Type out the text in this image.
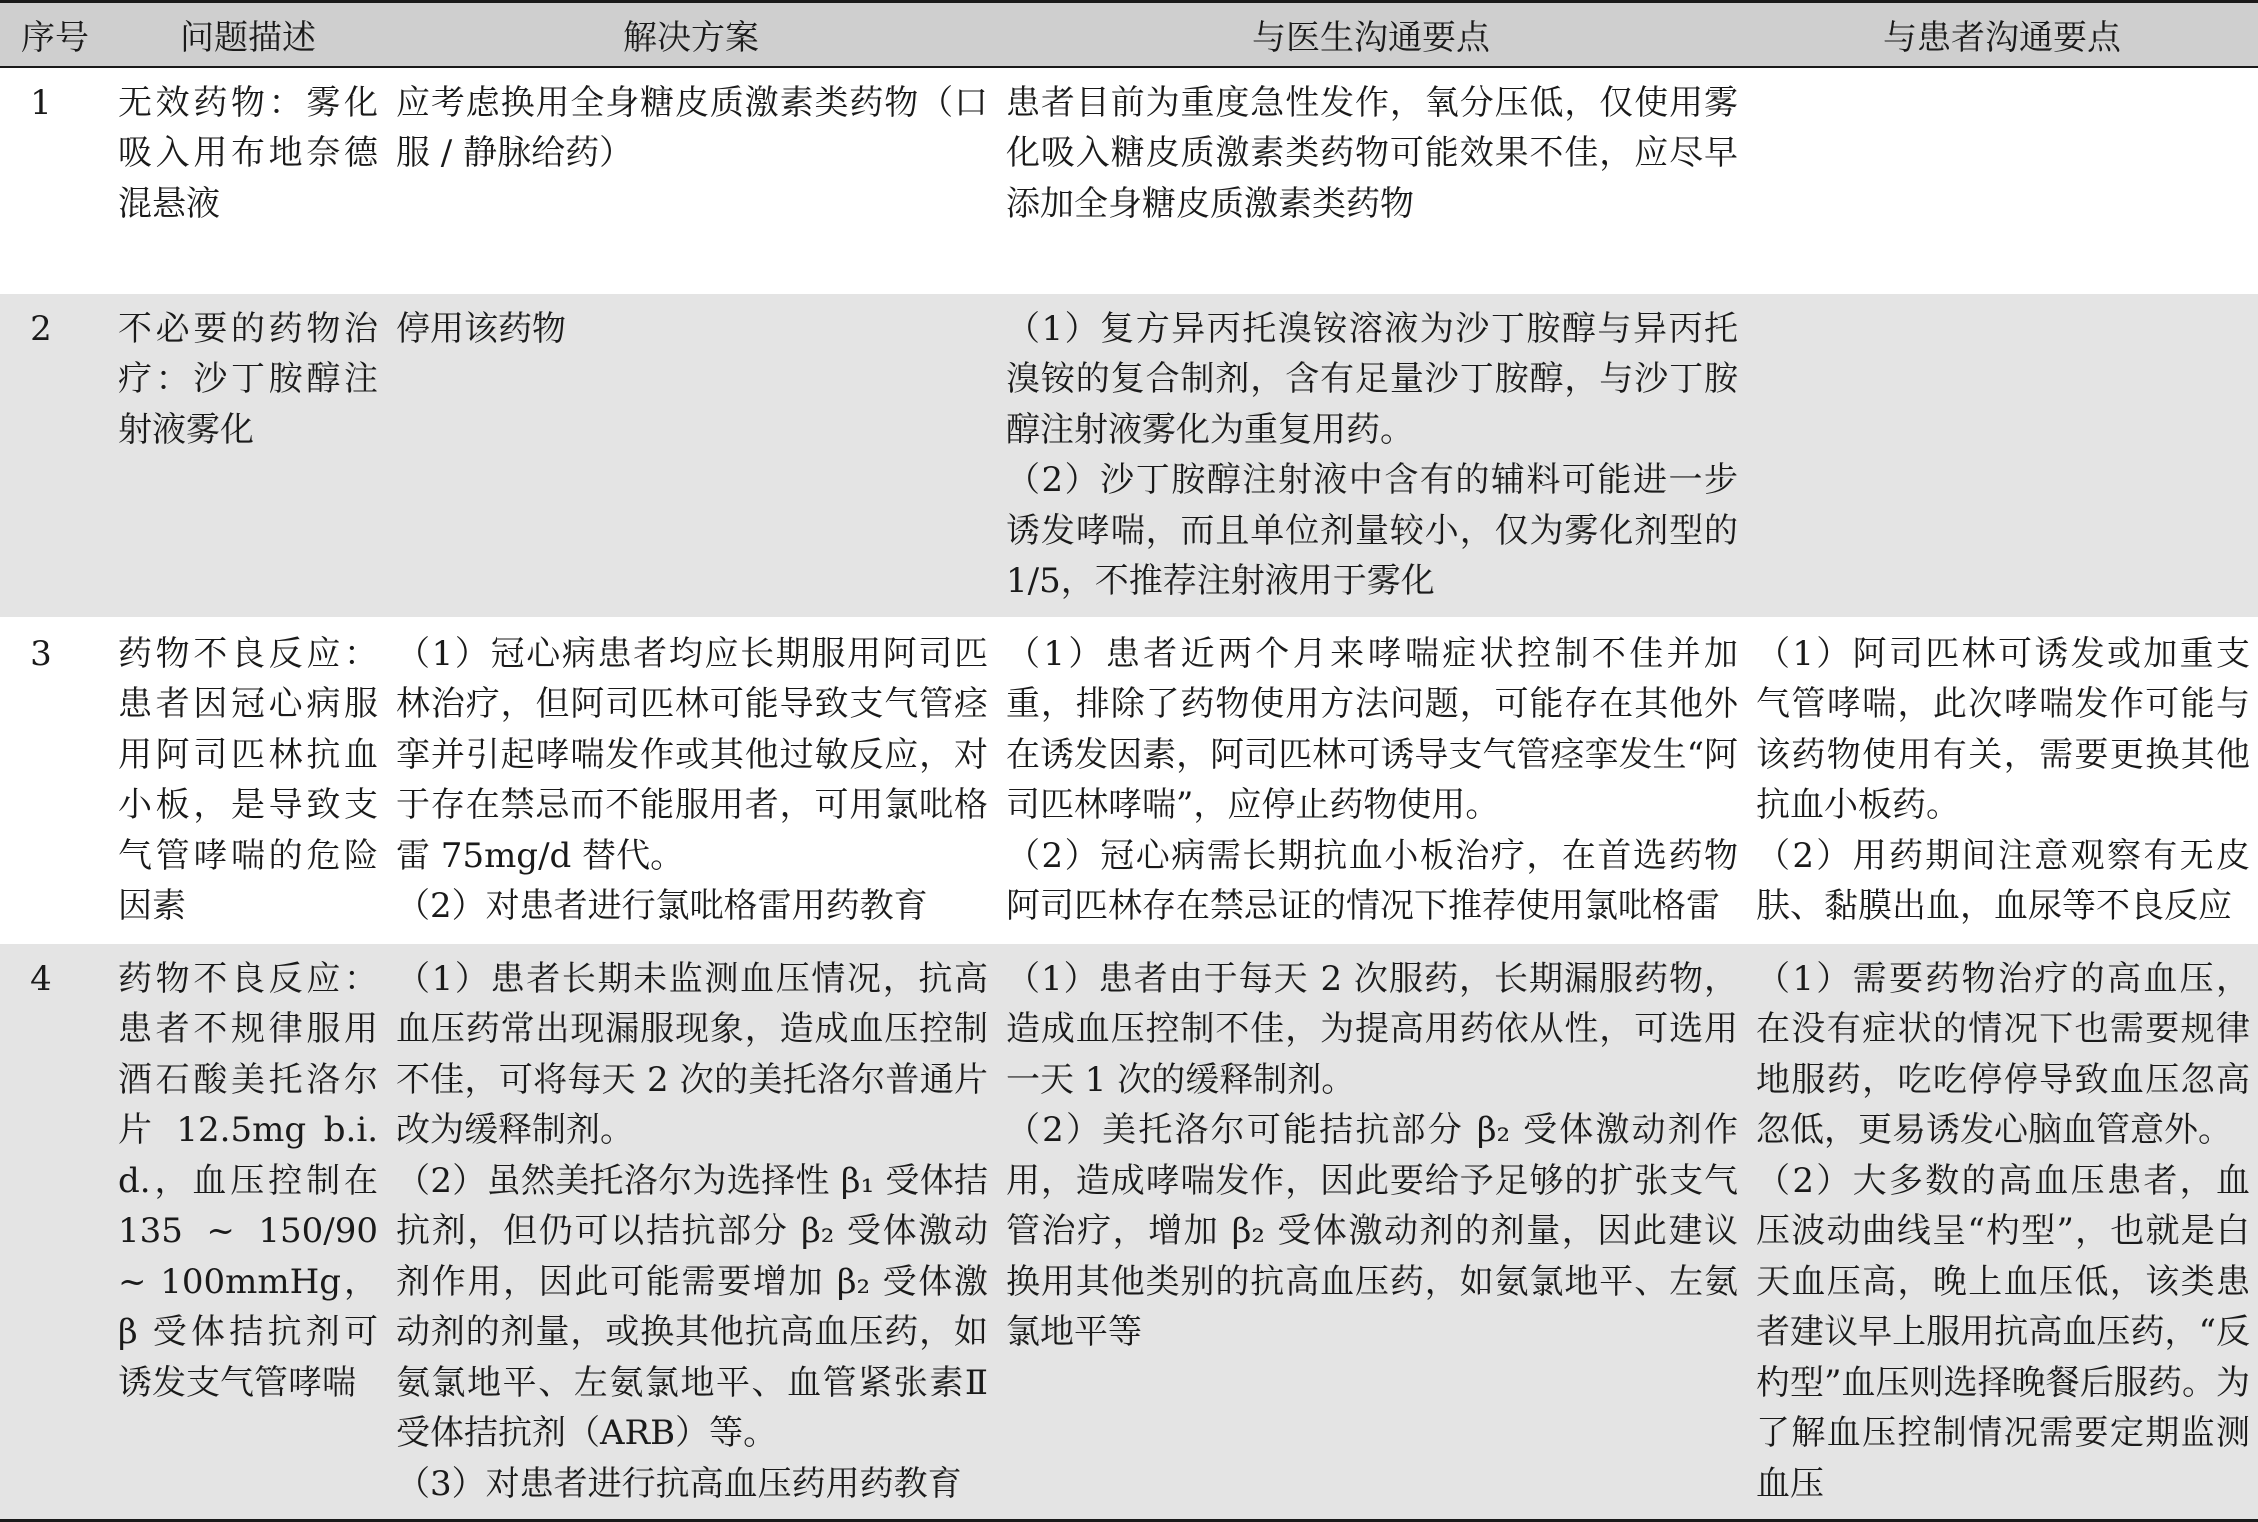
序号	问题描述	解决方案	与医生沟通要点	与患者沟通要点
1	无效药物：雾化吸入用布地奈德混悬液	应考虑换用全身糖皮质激素类药物（口服 / 静脉给药）	患者目前为重度急性发作，氧分压低，仅使用雾化吸入糖皮质激素类药物可能效果不佳，应尽早添加全身糖皮质激素类药物	

2	不必要的药物治疗：沙丁胺醇注射液雾化	停用该药物	（1）复方异丙托溴铵溶液为沙丁胺醇与异丙托溴铵的复合制剂，含有足量沙丁胺醇，与沙丁胺醇注射液雾化为重复用药。
（2）沙丁胺醇注射液中含有的辅料可能进一步诱发哮喘，而且单位剂量较小，仅为雾化剂型的 1/5，不推荐注射液用于雾化	

3	药物不良反应：患者因冠心病服用阿司匹林抗血小板，是导致支气管哮喘的危险因素	（1）冠心病患者均应长期服用阿司匹林治疗，但阿司匹林可能导致支气管痉挛并引起哮喘发作或其他过敏反应，对于存在禁忌而不能服用者，可用氯吡格雷 75mg/d 替代。
（2）对患者进行氯吡格雷用药教育	（1）患者近两个月来哮喘症状控制不佳并加重，排除了药物使用方法问题，可能存在其他外在诱发因素，阿司匹林可诱导支气管痉挛发生“阿司匹林哮喘”，应停止药物使用。
（2）冠心病需长期抗血小板治疗，在首选药物阿司匹林存在禁忌证的情况下推荐使用氯吡格雷	（1）阿司匹林可诱发或加重支气管哮喘，此次哮喘发作可能与该药物使用有关，需要更换其他抗血小板药。
（2）用药期间注意观察有无皮肤、黏膜出血，血尿等不良反应

4	药物不良反应：患者不规律服用酒石酸美托洛尔片 12.5mg b.i.d.，血压控制在 135 ~ 150/90 ~ 100mmHg，β 受体拮抗剂可诱发支气管哮喘	（1）患者长期未监测血压情况，抗高血压药常出现漏服现象，造成血压控制不佳，可将每天 2 次的美托洛尔普通片改为缓释制剂。
（2）虽然美托洛尔为选择性 β₁ 受体拮抗剂，但仍可以拮抗部分 β₂ 受体激动剂作用，因此可能需要增加 β₂ 受体激动剂的剂量，或换其他抗高血压药，如氨氯地平、左氨氯地平、血管紧张素Ⅱ受体拮抗剂（ARB）等。
（3）对患者进行抗高血压药用药教育	（1）患者由于每天 2 次服药，长期漏服药物，造成血压控制不佳，为提高用药依从性，可选用一天 1 次的缓释制剂。
（2）美托洛尔可能拮抗部分 β₂ 受体激动剂作用，造成哮喘发作，因此要给予足够的扩张支气管治疗，增加 β₂ 受体激动剂的剂量，因此建议换用其他类别的抗高血压药，如氨氯地平、左氨氯地平等	（1）需要药物治疗的高血压，在没有症状的情况下也需要规律地服药，吃吃停停导致血压忽高忽低，更易诱发心脑血管意外。
（2）大多数的高血压患者，血压波动曲线呈“杓型”，也就是白天血压高，晚上血压低，该类患者建议早上服用抗高血压药，“反杓型”血压则选择晚餐后服药。为了解血压控制情况需要定期监测血压
